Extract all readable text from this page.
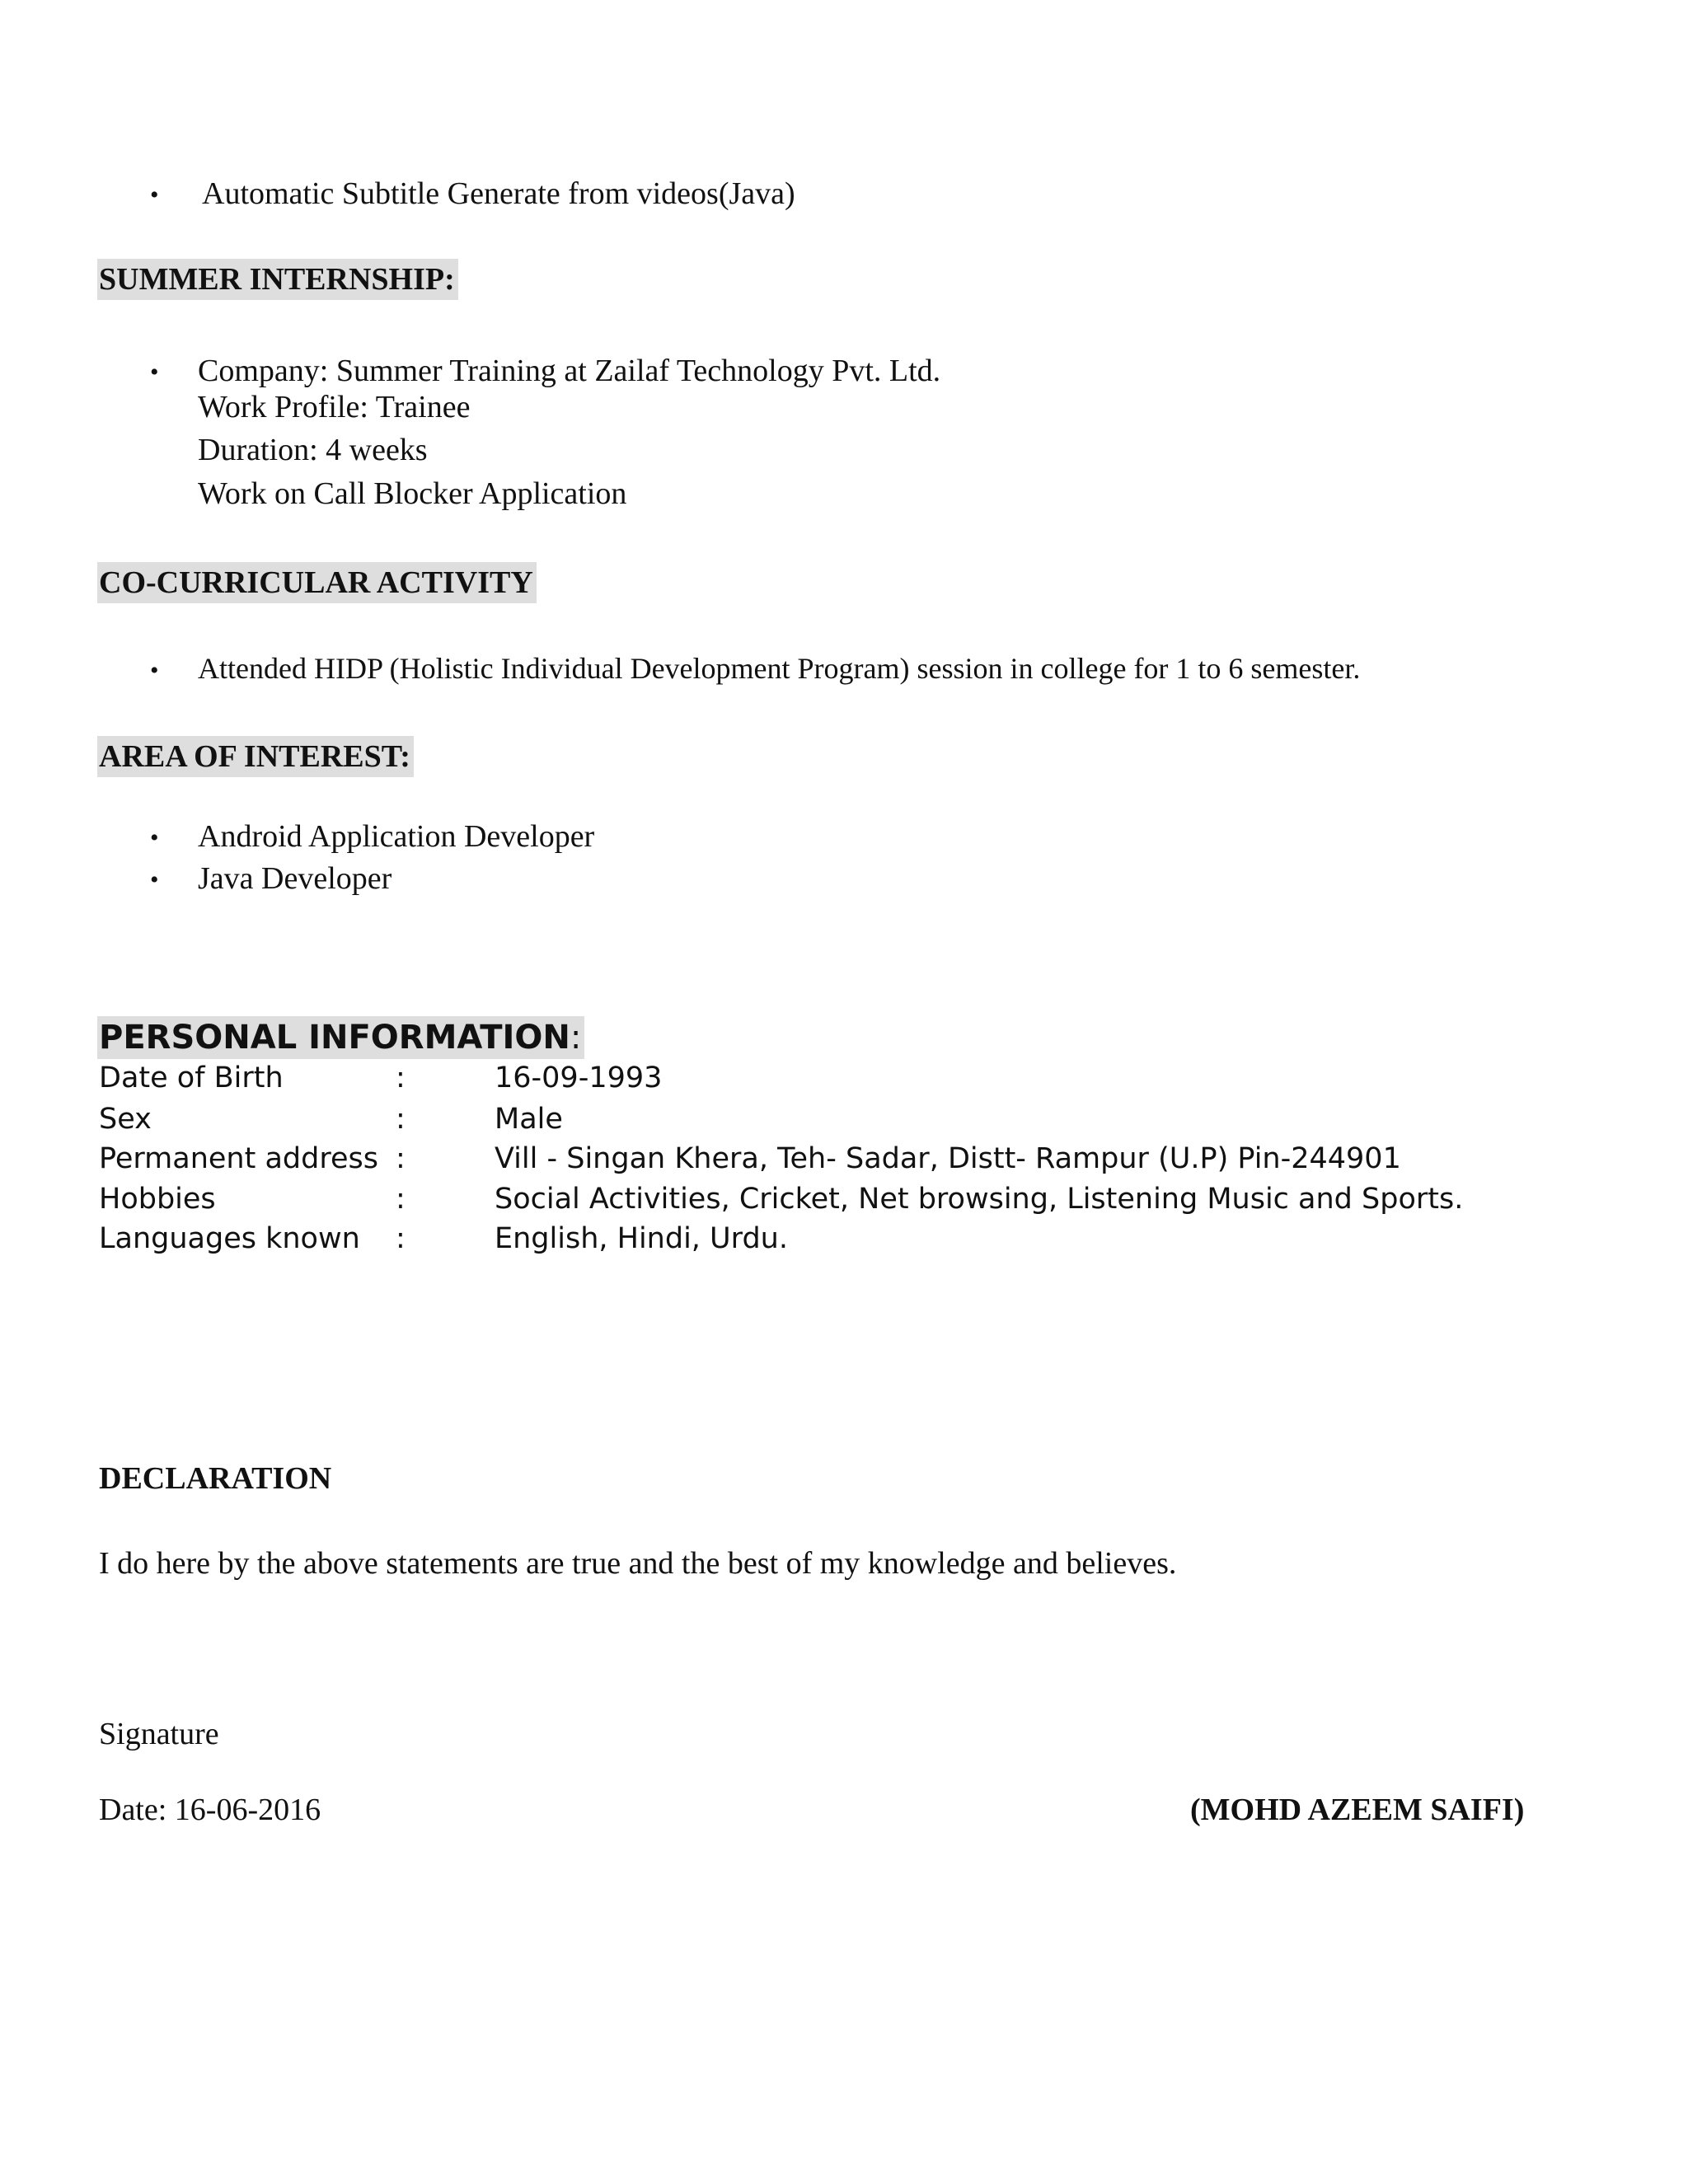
• Automatic Subtitle Generate from videos(Java)
SUMMER INTERNSHIP:
• Company: Summer Training at Zailaf Technology Pvt. Ltd.
Work Profile: Trainee
Duration: 4 weeks
Work on Call Blocker Application
CO-CURRICULAR ACTIVITY
• Attended HIDP (Holistic Individual Development Program) session in college for 1 to 6 semester.
AREA OF INTEREST:
• Android Application Developer
• Java Developer
PERSONAL INFORMATION:
Date of Birth	:	16-09-1993
Sex	:	Male
Permanent address :	Vill - Singan Khera, Teh- Sadar, Distt- Rampur (U.P) Pin-244901
Hobbies	:	Social Activities, Cricket, Net browsing, Listening Music and Sports.
Languages known :	English, Hindi, Urdu.
DECLARATION
I do here by the above statements are true and the best of my knowledge and believes.
Signature
Date: 16-06-2016	(MOHD AZEEM SAIFI)
